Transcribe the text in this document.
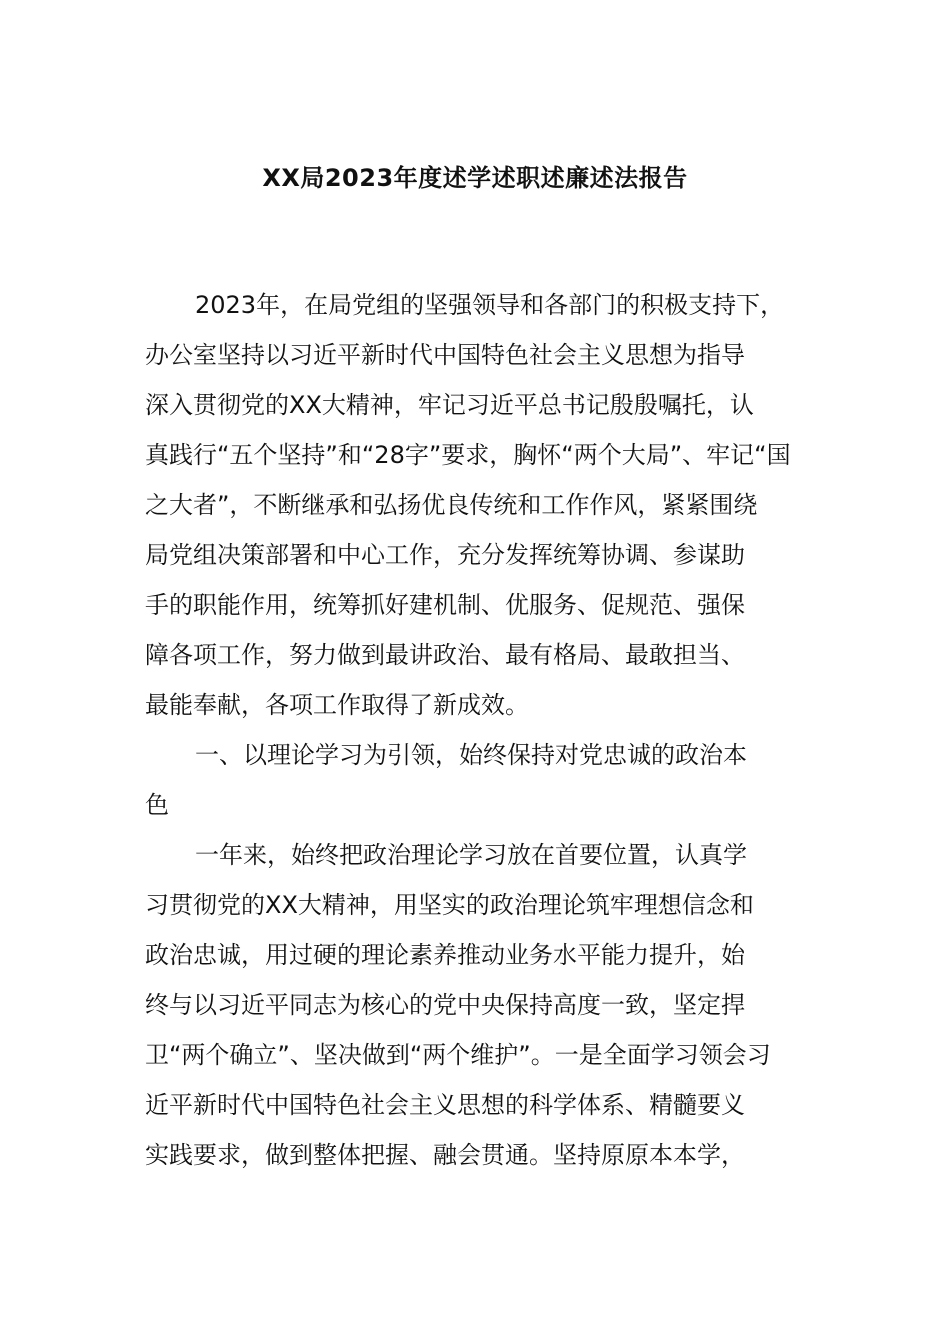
XX局2023年度述学述职述廉述法报告

2023年，在局党组的坚强领导和各部门的积极支持下，

办公室坚持以习近平新时代中国特色社会主义思想为指导

深入贯彻党的XX大精神，牢记习近平总书记殷殷嘱托，认

真践行“五个坚持”和“28字”要求，胸怀“两个大局”、牢记“国

之大者”，不断继承和弘扬优良传统和工作作风，紧紧围绕

局党组决策部署和中心工作，充分发挥统筹协调、参谋助

手的职能作用，统筹抓好建机制、优服务、促规范、强保

障各项工作，努力做到最讲政治、最有格局、最敢担当、

最能奉献，各项工作取得了新成效。

一、以理论学习为引领，始终保持对党忠诚的政治本

色

一年来，始终把政治理论学习放在首要位置，认真学

习贯彻党的XX大精神，用坚实的政治理论筑牢理想信念和

政治忠诚，用过硬的理论素养推动业务水平能力提升，始

终与以习近平同志为核心的党中央保持高度一致，坚定捍

卫“两个确立”、坚决做到“两个维护”。一是全面学习领会习

近平新时代中国特色社会主义思想的科学体系、精髓要义

实践要求，做到整体把握、融会贯通。坚持原原本本学，
